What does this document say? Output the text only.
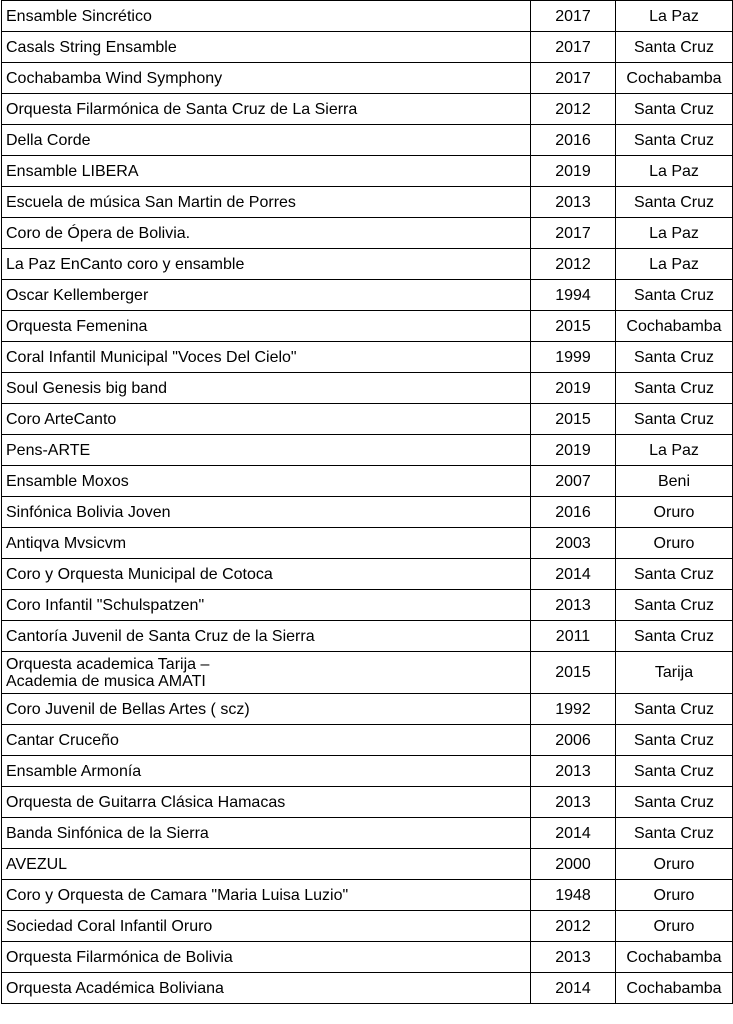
Ensamble Sincrético	2017	La Paz

Casals String Ensamble	2017	Santa Cruz

Cochabamba Wind Symphony	2017	Cochabamba

Orquesta Filarmónica de Santa Cruz de La Sierra	2012	Santa Cruz

Della Corde	2016	Santa Cruz

Ensamble LIBERA	2019	La Paz

Escuela de música San Martin de Porres	2013	Santa Cruz

Coro de Ópera de Bolivia.	2017	La Paz

La Paz EnCanto coro y ensamble	2012	La Paz

Oscar Kellemberger	1994	Santa Cruz

Orquesta Femenina	2015	Cochabamba

Coral Infantil Municipal "Voces Del Cielo"	1999	Santa Cruz

Soul Genesis big band	2019	Santa Cruz

Coro ArteCanto	2015	Santa Cruz

Pens-ARTE	2019	La Paz

Ensamble Moxos	2007	Beni

Sinfónica Bolivia Joven	2016	Oruro

Antiqva Mvsicvm	2003	Oruro

Coro y Orquesta Municipal de Cotoca	2014	Santa Cruz

Coro Infantil "Schulspatzen"	2013	Santa Cruz

Cantoría Juvenil de Santa Cruz de la Sierra	2011	Santa Cruz

Orquesta academica Tarija –
Academia de musica AMATI	2015	Tarija

Coro Juvenil de Bellas Artes ( scz)	1992	Santa Cruz

Cantar Cruceño	2006	Santa Cruz

Ensamble Armonía	2013	Santa Cruz

Orquesta de Guitarra Clásica Hamacas	2013	Santa Cruz

Banda Sinfónica de la Sierra	2014	Santa Cruz

AVEZUL	2000	Oruro

Coro y Orquesta de Camara "Maria Luisa Luzio"	1948	Oruro

Sociedad Coral Infantil Oruro	2012	Oruro

Orquesta Filarmónica de Bolivia	2013	Cochabamba

Orquesta Académica Boliviana	2014	Cochabamba
